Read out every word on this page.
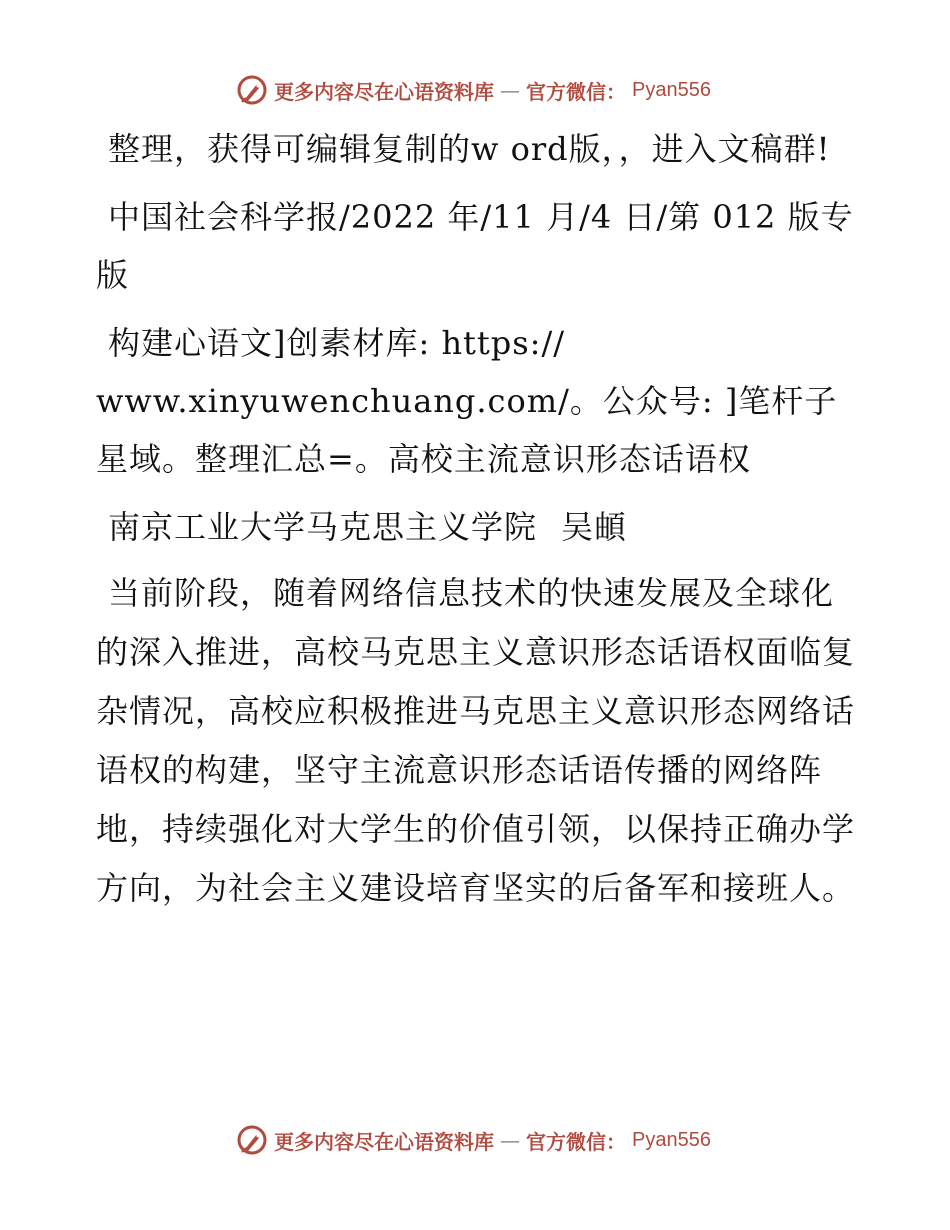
更多内容尽在心语资料库 — 官方微信： Pyan556

整理，获得可编辑复制的w ord版，，进入文稿群!

中国社会科学报/2022 年/11 月/4 日/第 012 版专版

构建心语文]创素材库: https://

www.xinyuwenchuang.com/。公众号: ]笔杆子星域。整理汇总=。高校主流意识形态话语权

南京工业大学马克思主义学院 吴頔

当前阶段，随着网络信息技术的快速发展及全球化的深入推进，高校马克思主义意识形态话语权面临复杂情况，高校应积极推进马克思主义意识形态网络话语权的构建，坚守主流意识形态话语传播的网络阵地，持续强化对大学生的价值引领，以保持正确办学方向，为社会主义建设培育坚实的后备军和接班人。

更多内容尽在心语资料库 — 官方微信： Pyan556
